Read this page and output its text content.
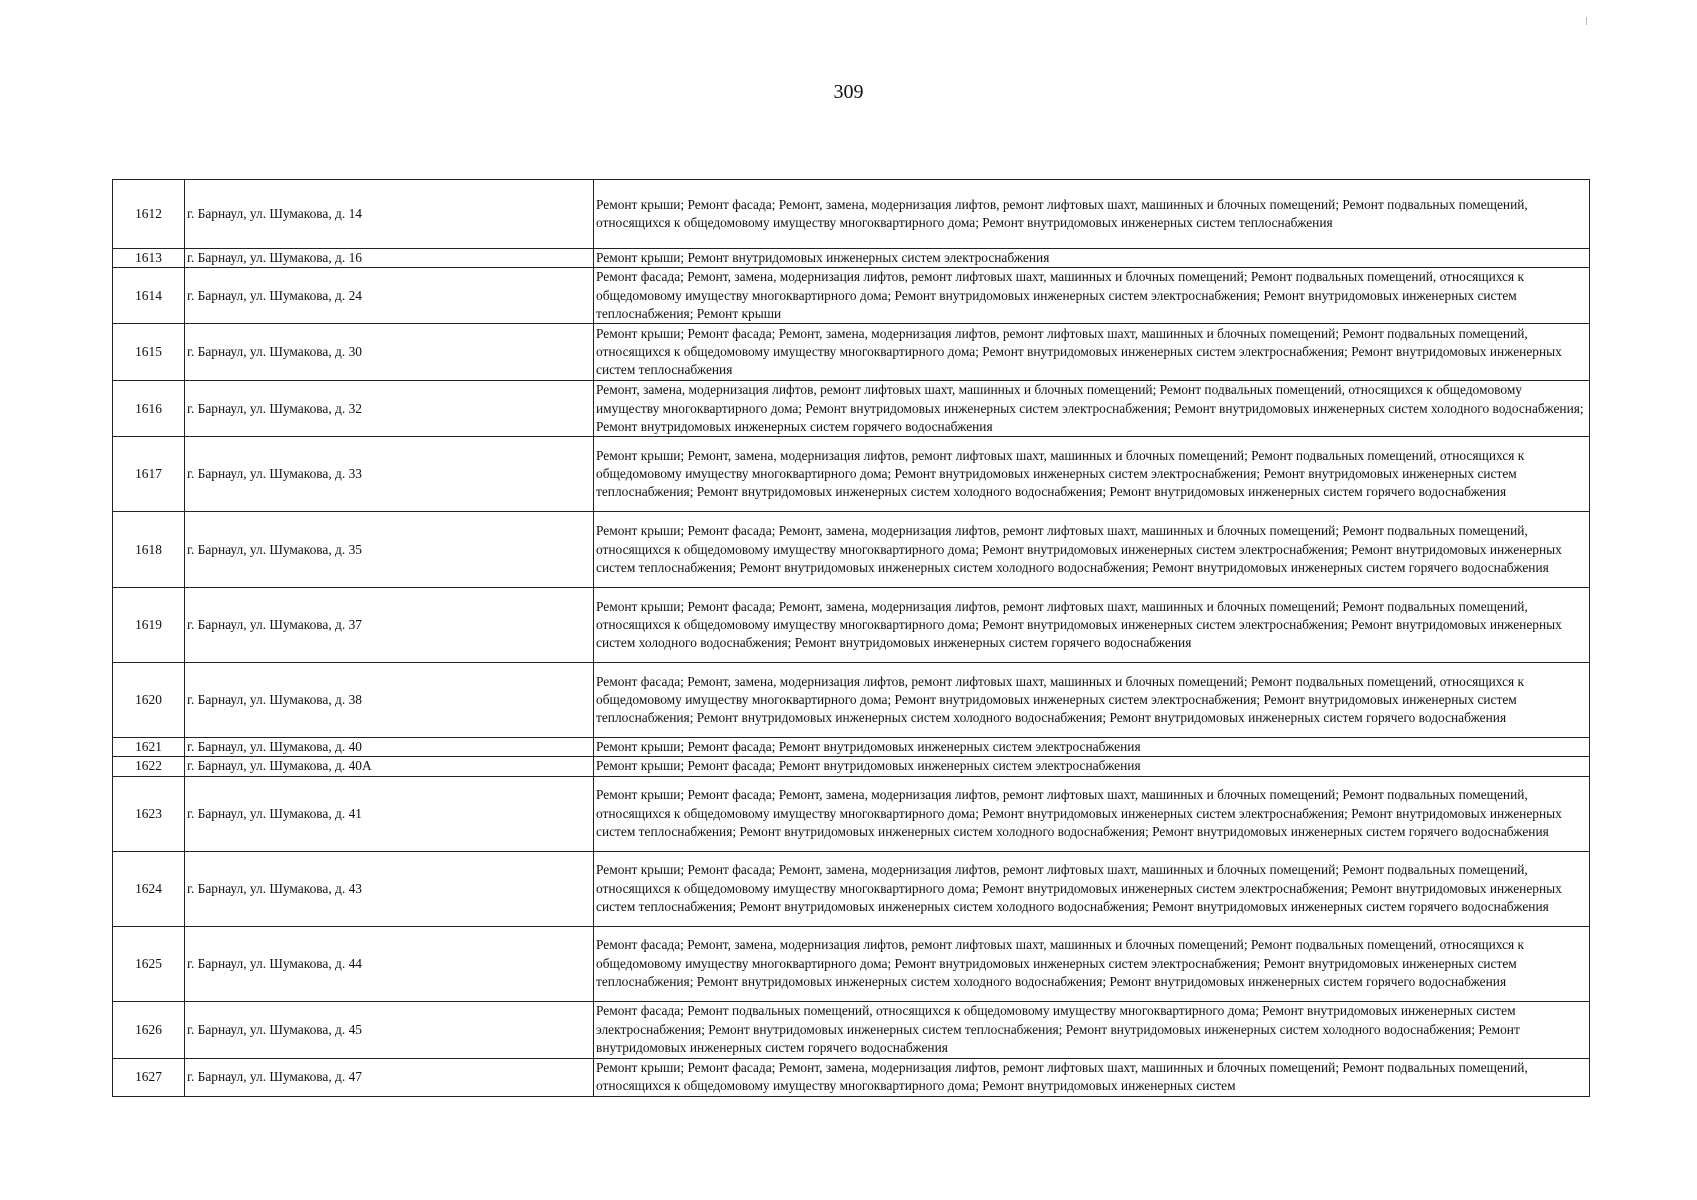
309
1612	г. Барнаул, ул. Шумакова, д. 14	Ремонт крыши; Ремонт фасада; Ремонт, замена, модернизация лифтов, ремонт лифтовых шахт, машинных и блочных помещений; Ремонт подвальных помещений, относящихся к общедомовому имуществу многоквартирного дома; Ремонт внутридомовых инженерных систем теплоснабжения
1613	г. Барнаул, ул. Шумакова, д. 16	Ремонт крыши; Ремонт внутридомовых инженерных систем электроснабжения
1614	г. Барнаул, ул. Шумакова, д. 24	Ремонт фасада; Ремонт, замена, модернизация лифтов, ремонт лифтовых шахт, машинных и блочных помещений; Ремонт подвальных помещений, относящихся к общедомовому имуществу многоквартирного дома; Ремонт внутридомовых инженерных систем электроснабжения; Ремонт внутридомовых инженерных систем теплоснабжения; Ремонт крыши
1615	г. Барнаул, ул. Шумакова, д. 30	Ремонт крыши; Ремонт фасада; Ремонт, замена, модернизация лифтов, ремонт лифтовых шахт, машинных и блочных помещений; Ремонт подвальных помещений, относящихся к общедомовому имуществу многоквартирного дома; Ремонт внутридомовых инженерных систем электроснабжения; Ремонт внутридомовых инженерных систем теплоснабжения
1616	г. Барнаул, ул. Шумакова, д. 32	Ремонт, замена, модернизация лифтов, ремонт лифтовых шахт, машинных и блочных помещений; Ремонт подвальных помещений, относящихся к общедомовому имуществу многоквартирного дома; Ремонт внутридомовых инженерных систем электроснабжения; Ремонт внутридомовых инженерных систем холодного водоснабжения; Ремонт внутридомовых инженерных систем горячего водоснабжения
1617	г. Барнаул, ул. Шумакова, д. 33	Ремонт крыши; Ремонт, замена, модернизация лифтов, ремонт лифтовых шахт, машинных и блочных помещений; Ремонт подвальных помещений, относящихся к общедомовому имуществу многоквартирного дома; Ремонт внутридомовых инженерных систем электроснабжения; Ремонт внутридомовых инженерных систем теплоснабжения; Ремонт внутридомовых инженерных систем холодного водоснабжения; Ремонт внутридомовых инженерных систем горячего водоснабжения
1618	г. Барнаул, ул. Шумакова, д. 35	Ремонт крыши; Ремонт фасада; Ремонт, замена, модернизация лифтов, ремонт лифтовых шахт, машинных и блочных помещений; Ремонт подвальных помещений, относящихся к общедомовому имуществу многоквартирного дома; Ремонт внутридомовых инженерных систем электроснабжения; Ремонт внутридомовых инженерных систем теплоснабжения; Ремонт внутридомовых инженерных систем холодного водоснабжения; Ремонт внутридомовых инженерных систем горячего водоснабжения
1619	г. Барнаул, ул. Шумакова, д. 37	Ремонт крыши; Ремонт фасада; Ремонт, замена, модернизация лифтов, ремонт лифтовых шахт, машинных и блочных помещений; Ремонт подвальных помещений, относящихся к общедомовому имуществу многоквартирного дома; Ремонт внутридомовых инженерных систем электроснабжения; Ремонт внутридомовых инженерных систем холодного водоснабжения; Ремонт внутридомовых инженерных систем горячего водоснабжения
1620	г. Барнаул, ул. Шумакова, д. 38	Ремонт фасада; Ремонт, замена, модернизация лифтов, ремонт лифтовых шахт, машинных и блочных помещений; Ремонт подвальных помещений, относящихся к общедомовому имуществу многоквартирного дома; Ремонт внутридомовых инженерных систем электроснабжения; Ремонт внутридомовых инженерных систем теплоснабжения; Ремонт внутридомовых инженерных систем холодного водоснабжения; Ремонт внутридомовых инженерных систем горячего водоснабжения
1621	г. Барнаул, ул. Шумакова, д. 40	Ремонт крыши; Ремонт фасада; Ремонт внутридомовых инженерных систем электроснабжения
1622	г. Барнаул, ул. Шумакова, д. 40А	Ремонт крыши; Ремонт фасада; Ремонт внутридомовых инженерных систем электроснабжения
1623	г. Барнаул, ул. Шумакова, д. 41	Ремонт крыши; Ремонт фасада; Ремонт, замена, модернизация лифтов, ремонт лифтовых шахт, машинных и блочных помещений; Ремонт подвальных помещений, относящихся к общедомовому имуществу многоквартирного дома; Ремонт внутридомовых инженерных систем электроснабжения; Ремонт внутридомовых инженерных систем теплоснабжения; Ремонт внутридомовых инженерных систем холодного водоснабжения; Ремонт внутридомовых инженерных систем горячего водоснабжения
1624	г. Барнаул, ул. Шумакова, д. 43	Ремонт крыши; Ремонт фасада; Ремонт, замена, модернизация лифтов, ремонт лифтовых шахт, машинных и блочных помещений; Ремонт подвальных помещений, относящихся к общедомовому имуществу многоквартирного дома; Ремонт внутридомовых инженерных систем электроснабжения; Ремонт внутридомовых инженерных систем теплоснабжения; Ремонт внутридомовых инженерных систем холодного водоснабжения; Ремонт внутридомовых инженерных систем горячего водоснабжения
1625	г. Барнаул, ул. Шумакова, д. 44	Ремонт фасада; Ремонт, замена, модернизация лифтов, ремонт лифтовых шахт, машинных и блочных помещений; Ремонт подвальных помещений, относящихся к общедомовому имуществу многоквартирного дома; Ремонт внутридомовых инженерных систем электроснабжения; Ремонт внутридомовых инженерных систем теплоснабжения; Ремонт внутридомовых инженерных систем холодного водоснабжения; Ремонт внутридомовых инженерных систем горячего водоснабжения
1626	г. Барнаул, ул. Шумакова, д. 45	Ремонт фасада; Ремонт подвальных помещений, относящихся к общедомовому имуществу многоквартирного дома; Ремонт внутридомовых инженерных систем электроснабжения; Ремонт внутридомовых инженерных систем теплоснабжения; Ремонт внутридомовых инженерных систем холодного водоснабжения; Ремонт внутридомовых инженерных систем горячего водоснабжения
1627	г. Барнаул, ул. Шумакова, д. 47	Ремонт крыши; Ремонт фасада; Ремонт, замена, модернизация лифтов, ремонт лифтовых шахт, машинных и блочных помещений; Ремонт подвальных помещений, относящихся к общедомовому имуществу многоквартирного дома; Ремонт внутридомовых инженерных систем
